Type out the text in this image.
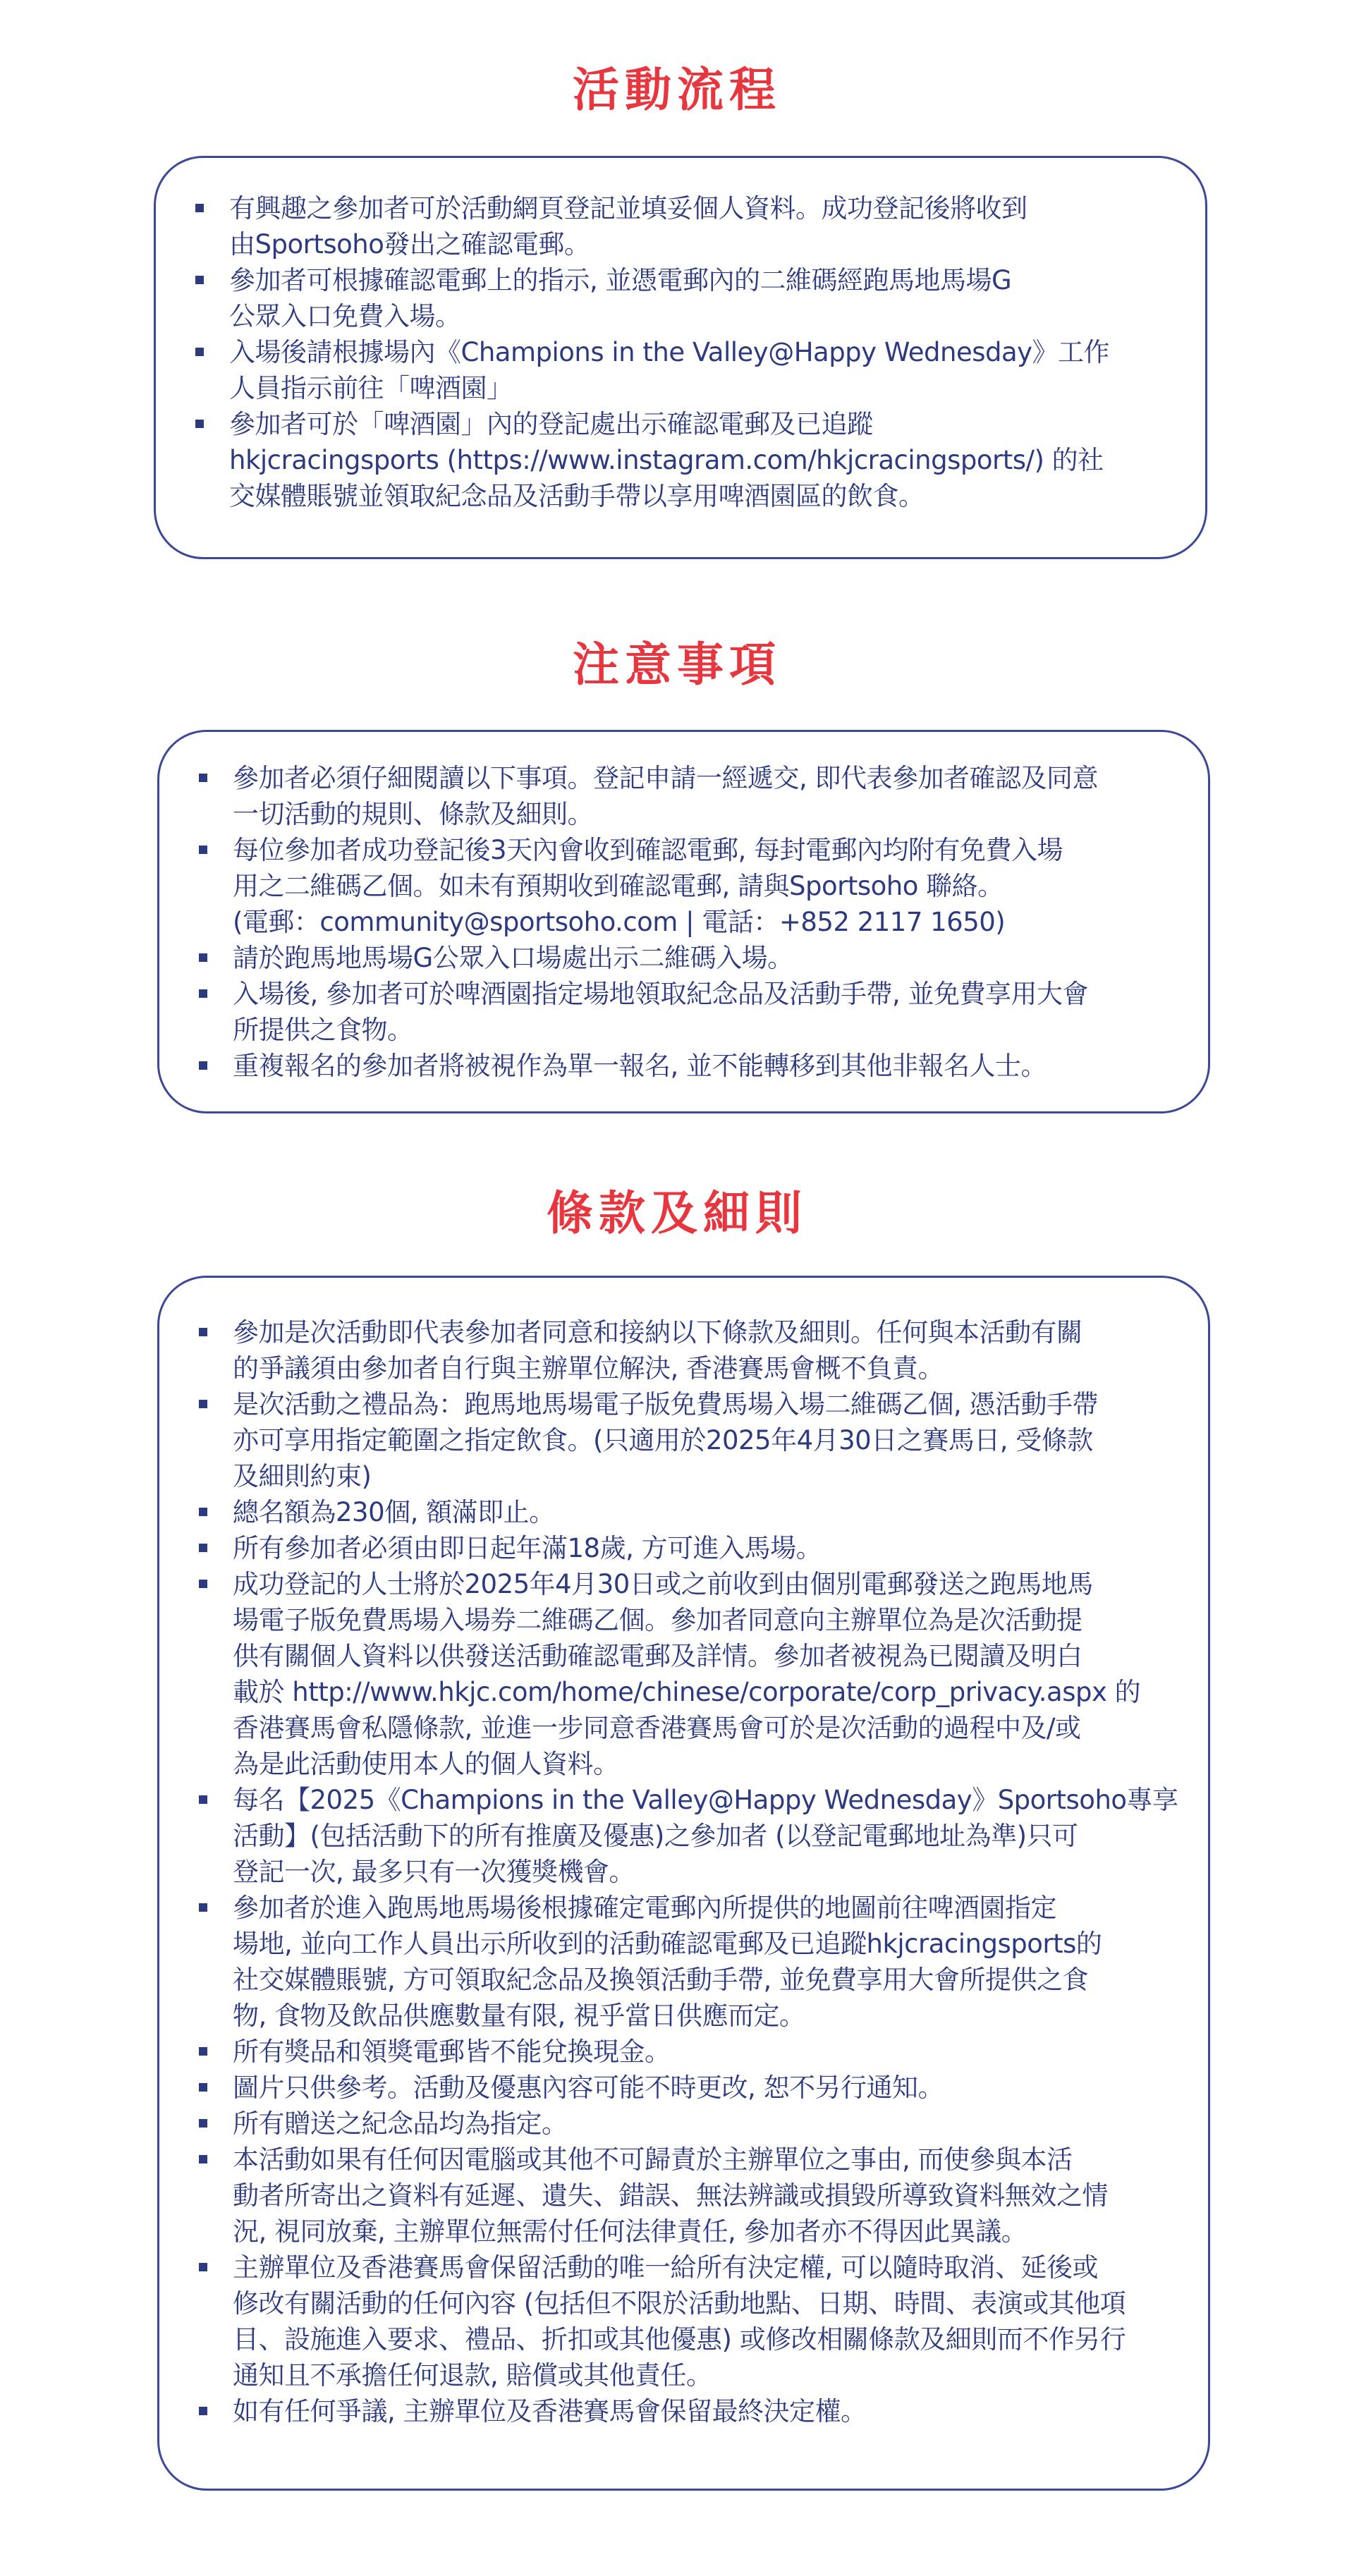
活動流程
有興趣之參加者可於活動網頁登記並填妥個人資料。成功登記後將收到
由Sportsoho發出之確認電郵。
參加者可根據確認電郵上的指示, 並憑電郵內的二維碼經跑馬地馬場G
公眾入口免費入場。
入場後請根據場內《Champions in the Valley@Happy Wednesday》工作
人員指示前往「啤酒園」
參加者可於「啤酒園」內的登記處出示確認電郵及已追蹤
hkjcracingsports (https://www.instagram.com/hkjcracingsports/) 的社
交媒體賬號並領取紀念品及活動手帶以享用啤酒園區的飲食。
注意事項
參加者必須仔細閱讀以下事項。登記申請一經遞交, 即代表參加者確認及同意
一切活動的規則、條款及細則。
每位參加者成功登記後3天內會收到確認電郵, 每封電郵內均附有免費入場
用之二維碼乙個。如未有預期收到確認電郵, 請與Sportsoho 聯絡。
(電郵：community@sportsoho.com | 電話：+852 2117 1650)
請於跑馬地馬場G公眾入口場處出示二維碼入場。
入場後, 參加者可於啤酒園指定場地領取紀念品及活動手帶, 並免費享用大會
所提供之食物。
重複報名的參加者將被視作為單一報名, 並不能轉移到其他非報名人士。
條款及細則
參加是次活動即代表參加者同意和接納以下條款及細則。任何與本活動有關
的爭議須由參加者自行與主辦單位解決, 香港賽馬會概不負責。
是次活動之禮品為：跑馬地馬場電子版免費馬場入場二維碼乙個, 憑活動手帶
亦可享用指定範圍之指定飲食。(只適用於2025年4月30日之賽馬日, 受條款
及細則約束)
總名額為230個, 額滿即止。
所有參加者必須由即日起年滿18歲, 方可進入馬場。
成功登記的人士將於2025年4月30日或之前收到由個別電郵發送之跑馬地馬
場電子版免費馬場入場券二維碼乙個。參加者同意向主辦單位為是次活動提
供有關個人資料以供發送活動確認電郵及詳情。參加者被視為已閱讀及明白
載於 http://www.hkjc.com/home/chinese/corporate/corp_privacy.aspx 的
香港賽馬會私隱條款, 並進一步同意香港賽馬會可於是次活動的過程中及/或
為是此活動使用本人的個人資料。
每名【2025《Champions in the Valley@Happy Wednesday》Sportsoho專享
活動】(包括活動下的所有推廣及優惠)之參加者 (以登記電郵地址為準)只可
登記一次, 最多只有一次獲獎機會。
參加者於進入跑馬地馬場後根據確定電郵內所提供的地圖前往啤酒園指定
場地, 並向工作人員出示所收到的活動確認電郵及已追蹤hkjcracingsports的
社交媒體賬號, 方可領取紀念品及換領活動手帶, 並免費享用大會所提供之食
物, 食物及飲品供應數量有限, 視乎當日供應而定。
所有獎品和領獎電郵皆不能兌換現金。
圖片只供參考。活動及優惠內容可能不時更改, 恕不另行通知。
所有贈送之紀念品均為指定。
本活動如果有任何因電腦或其他不可歸責於主辦單位之事由, 而使參與本活
動者所寄出之資料有延遲、遺失、錯誤、無法辨識或損毀所導致資料無效之情
況, 視同放棄, 主辦單位無需付任何法律責任, 參加者亦不得因此異議。
主辦單位及香港賽馬會保留活動的唯一給所有決定權, 可以隨時取消、延後或
修改有關活動的任何內容 (包括但不限於活動地點、日期、時間、表演或其他項
目、設施進入要求、禮品、折扣或其他優惠) 或修改相關條款及細則而不作另行
通知且不承擔任何退款, 賠償或其他責任。
如有任何爭議, 主辦單位及香港賽馬會保留最終決定權。
